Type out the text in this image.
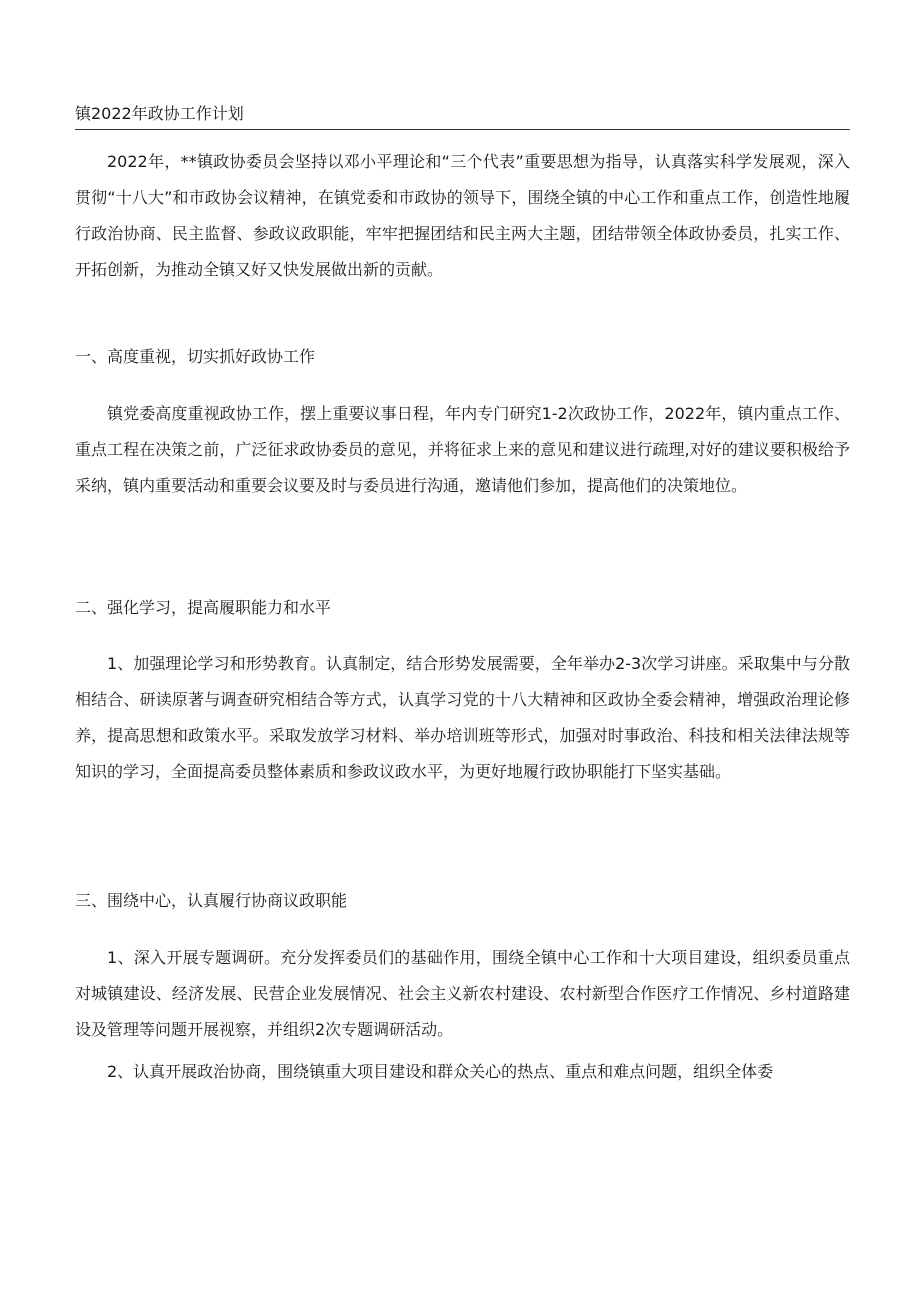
镇2022年政协工作计划
2022年，**镇政协委员会坚持以邓小平理论和“三个代表”重要思想为指导，认真落实科学发展观，深入贯彻“十八大”和市政协会议精神，在镇党委和市政协的领导下，围绕全镇的中心工作和重点工作，创造性地履行政治协商、民主监督、参政议政职能，牢牢把握团结和民主两大主题，团结带领全体政协委员，扎实工作、开拓创新，为推动全镇又好又快发展做出新的贡献。
一、高度重视，切实抓好政协工作
镇党委高度重视政协工作，摆上重要议事日程，年内专门研究1-2次政协工作，2022年，镇内重点工作、重点工程在决策之前，广泛征求政协委员的意见，并将征求上来的意见和建议进行疏理,对好的建议要积极给予采纳，镇内重要活动和重要会议要及时与委员进行沟通，邀请他们参加，提高他们的决策地位。
二、强化学习，提高履职能力和水平
1、加强理论学习和形势教育。认真制定，结合形势发展需要，全年举办2-3次学习讲座。采取集中与分散相结合、研读原著与调查研究相结合等方式，认真学习党的十八大精神和区政协全委会精神，增强政治理论修养，提高思想和政策水平。采取发放学习材料、举办培训班等形式，加强对时事政治、科技和相关法律法规等知识的学习，全面提高委员整体素质和参政议政水平，为更好地履行政协职能打下坚实基础。
三、围绕中心，认真履行协商议政职能
1、深入开展专题调研。充分发挥委员们的基础作用，围绕全镇中心工作和十大项目建设，组织委员重点对城镇建设、经济发展、民营企业发展情况、社会主义新农村建设、农村新型合作医疗工作情况、乡村道路建设及管理等问题开展视察，并组织2次专题调研活动。
2、认真开展政治协商，围绕镇重大项目建设和群众关心的热点、重点和难点问题，组织全体委
